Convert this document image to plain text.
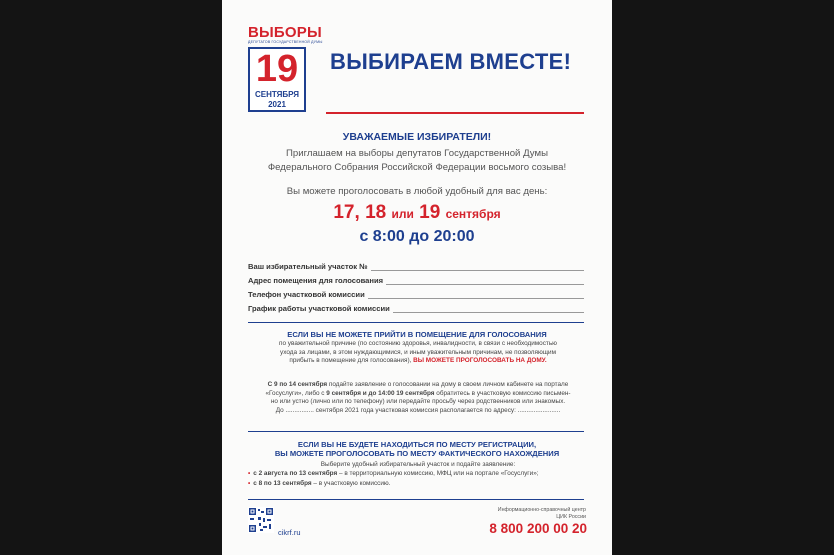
ВЫБОРЫ
ДЕПУТАТОВ ГОСУДАРСТВЕННОЙ ДУМЫ
19
СЕНТЯБРЯ
2021
ВЫБИРАЕМ ВМЕСТЕ!
УВАЖАЕМЫЕ ИЗБИРАТЕЛИ!
Приглашаем на выборы депутатов Государственной Думы
Федерального Собрания Российской Федерации восьмого созыва!
Вы можете проголосовать в любой удобный для вас день:
17, 18 или 19 сентября
с 8:00 до 20:00
Ваш избирательный участок №
Адрес помещения для голосования
Телефон участковой комиссии
График работы участковой комиссии
ЕСЛИ ВЫ НЕ МОЖЕТЕ ПРИЙТИ В ПОМЕЩЕНИЕ ДЛЯ ГОЛОСОВАНИЯ
по уважительной причине (по состоянию здоровья, инвалидности, в связи с необходимостью
ухода за лицами, в этом нуждающимися, и иным уважительным причинам, не позволяющим
прибыть в помещение для голосования), ВЫ МОЖЕТЕ ПРОГОЛОСОВАТЬ НА ДОМУ.
С 9 по 14 сентября подайте заявление о голосовании на дому в своем личном кабинете на портале
«Госуслуги», либо с 9 сентября и до 14:00 19 сентября обратитесь в участковую комиссию письмен-
но или устно (лично или по телефону) или передайте просьбу через родственников или знакомых.
До ................ сентября 2021 года участковая комиссия располагается по адресу: ........................
ЕСЛИ ВЫ НЕ БУДЕТЕ НАХОДИТЬСЯ ПО МЕСТУ РЕГИСТРАЦИИ,
ВЫ МОЖЕТЕ ПРОГОЛОСОВАТЬ ПО МЕСТУ ФАКТИЧЕСКОГО НАХОЖДЕНИЯ
Выберите удобный избирательный участок и подайте заявление:
• с 2 августа по 13 сентября – в территориальную комиссию, МФЦ или на портале «Госуслуги»;
• с 8 по 13 сентября – в участковую комиссию.
cikrf.ru
Информационно-справочный центр
ЦИК России
8 800 200 00 20
